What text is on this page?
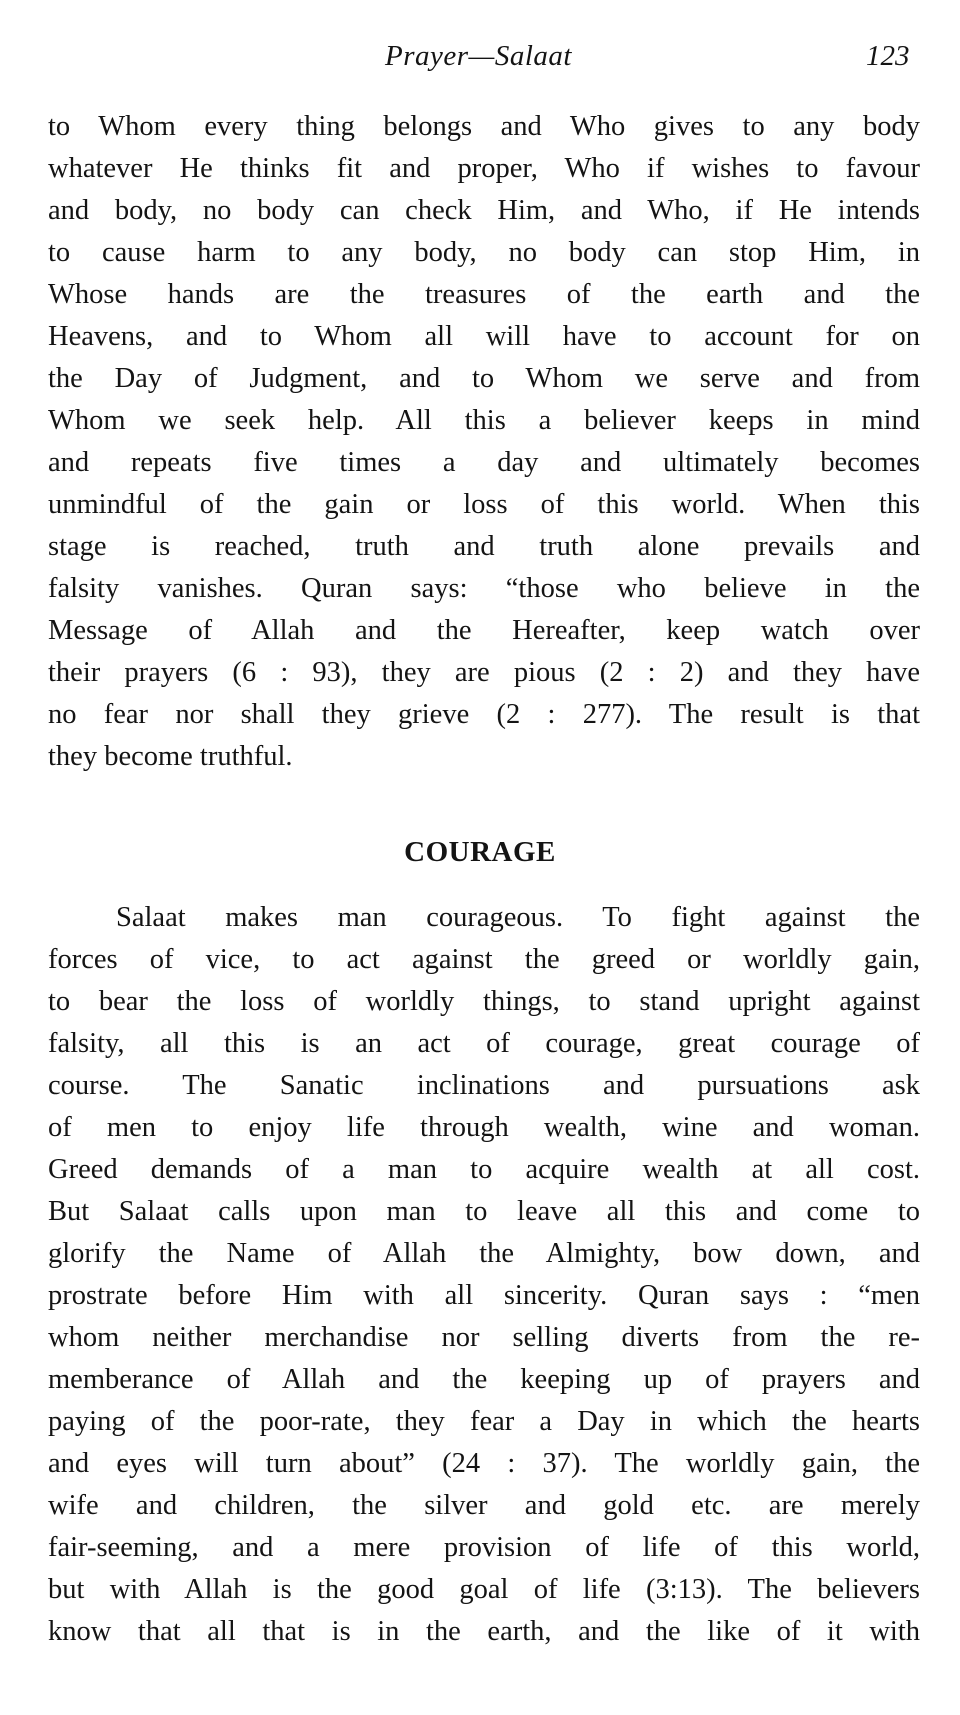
Prayer—Salaat	123
to Whom every thing belongs and Who gives to any body
whatever He thinks fit and proper, Who if wishes to favour
and body, no body can check Him, and Who, if He intends
to cause harm to any body, no body can stop Him, in
Whose hands are the treasures of the earth and the
Heavens, and to Whom all will have to account for on
the Day of Judgment, and to Whom we serve and from
Whom we seek help. All this a believer keeps in mind
and repeats five times a day and ultimately becomes
unmindful of the gain or loss of this world. When this
stage is reached, truth and truth alone prevails and
falsity vanishes. Quran says: “those who believe in the
Message of Allah and the Hereafter, keep watch over
their prayers (6 : 93), they are pious (2 : 2) and they have
no fear nor shall they grieve (2 : 277). The result is that
they become truthful.
COURAGE
Salaat makes man courageous. To fight against the
forces of vice, to act against the greed or worldly gain,
to bear the loss of worldly things, to stand upright against
falsity, all this is an act of courage, great courage of
course. The Sanatic inclinations and pursuations ask
of men to enjoy life through wealth, wine and woman.
Greed demands of a man to acquire wealth at all cost.
But Salaat calls upon man to leave all this and come to
glorify the Name of Allah the Almighty, bow down, and
prostrate before Him with all sincerity. Quran says : “men
whom neither merchandise nor selling diverts from the re-
memberance of Allah and the keeping up of prayers and
paying of the poor-rate, they fear a Day in which the hearts
and eyes will turn about” (24 : 37). The worldly gain, the
wife and children, the silver and gold etc. are merely
fair-seeming, and a mere provision of life of this world,
but with Allah is the good goal of life (3:13). The believers
know that all that is in the earth, and the like of it with
